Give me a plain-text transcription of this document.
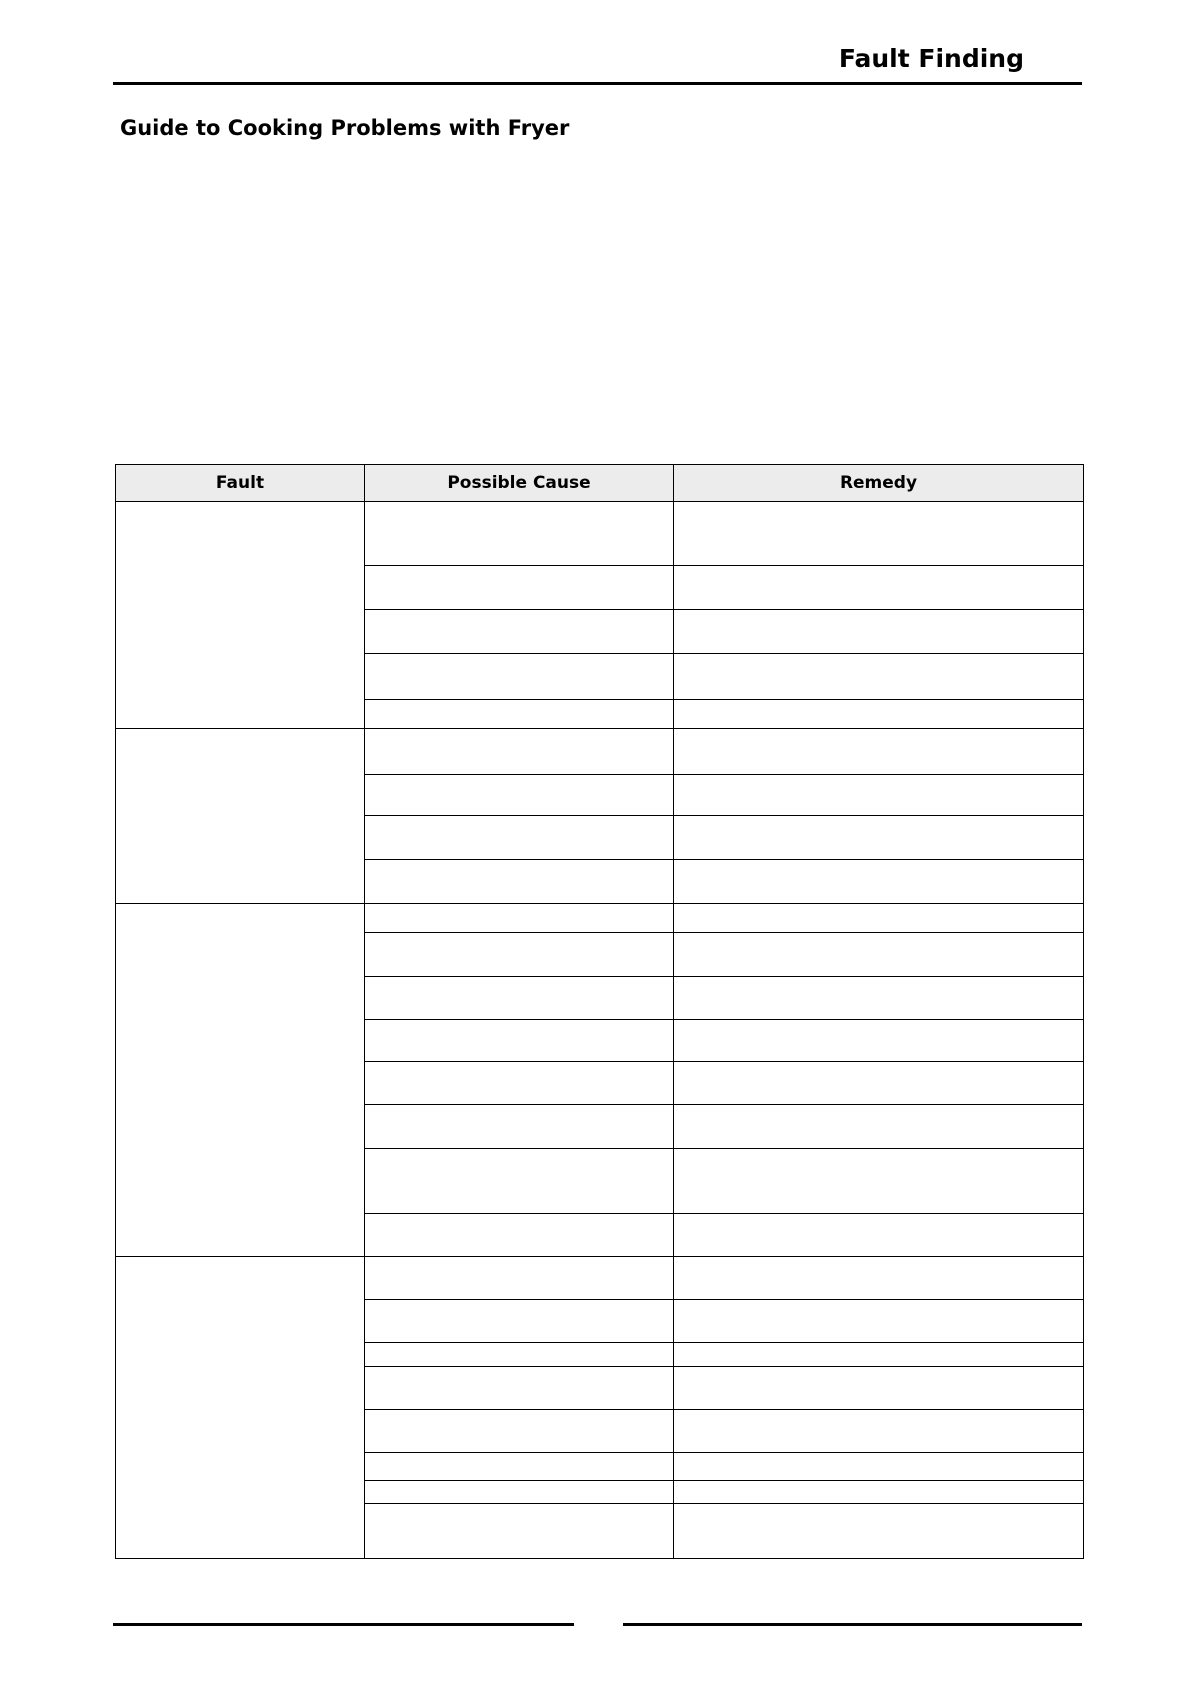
Fault Finding
Guide to Cooking Problems with Fryer
Fault	Possible Cause	Remedy
